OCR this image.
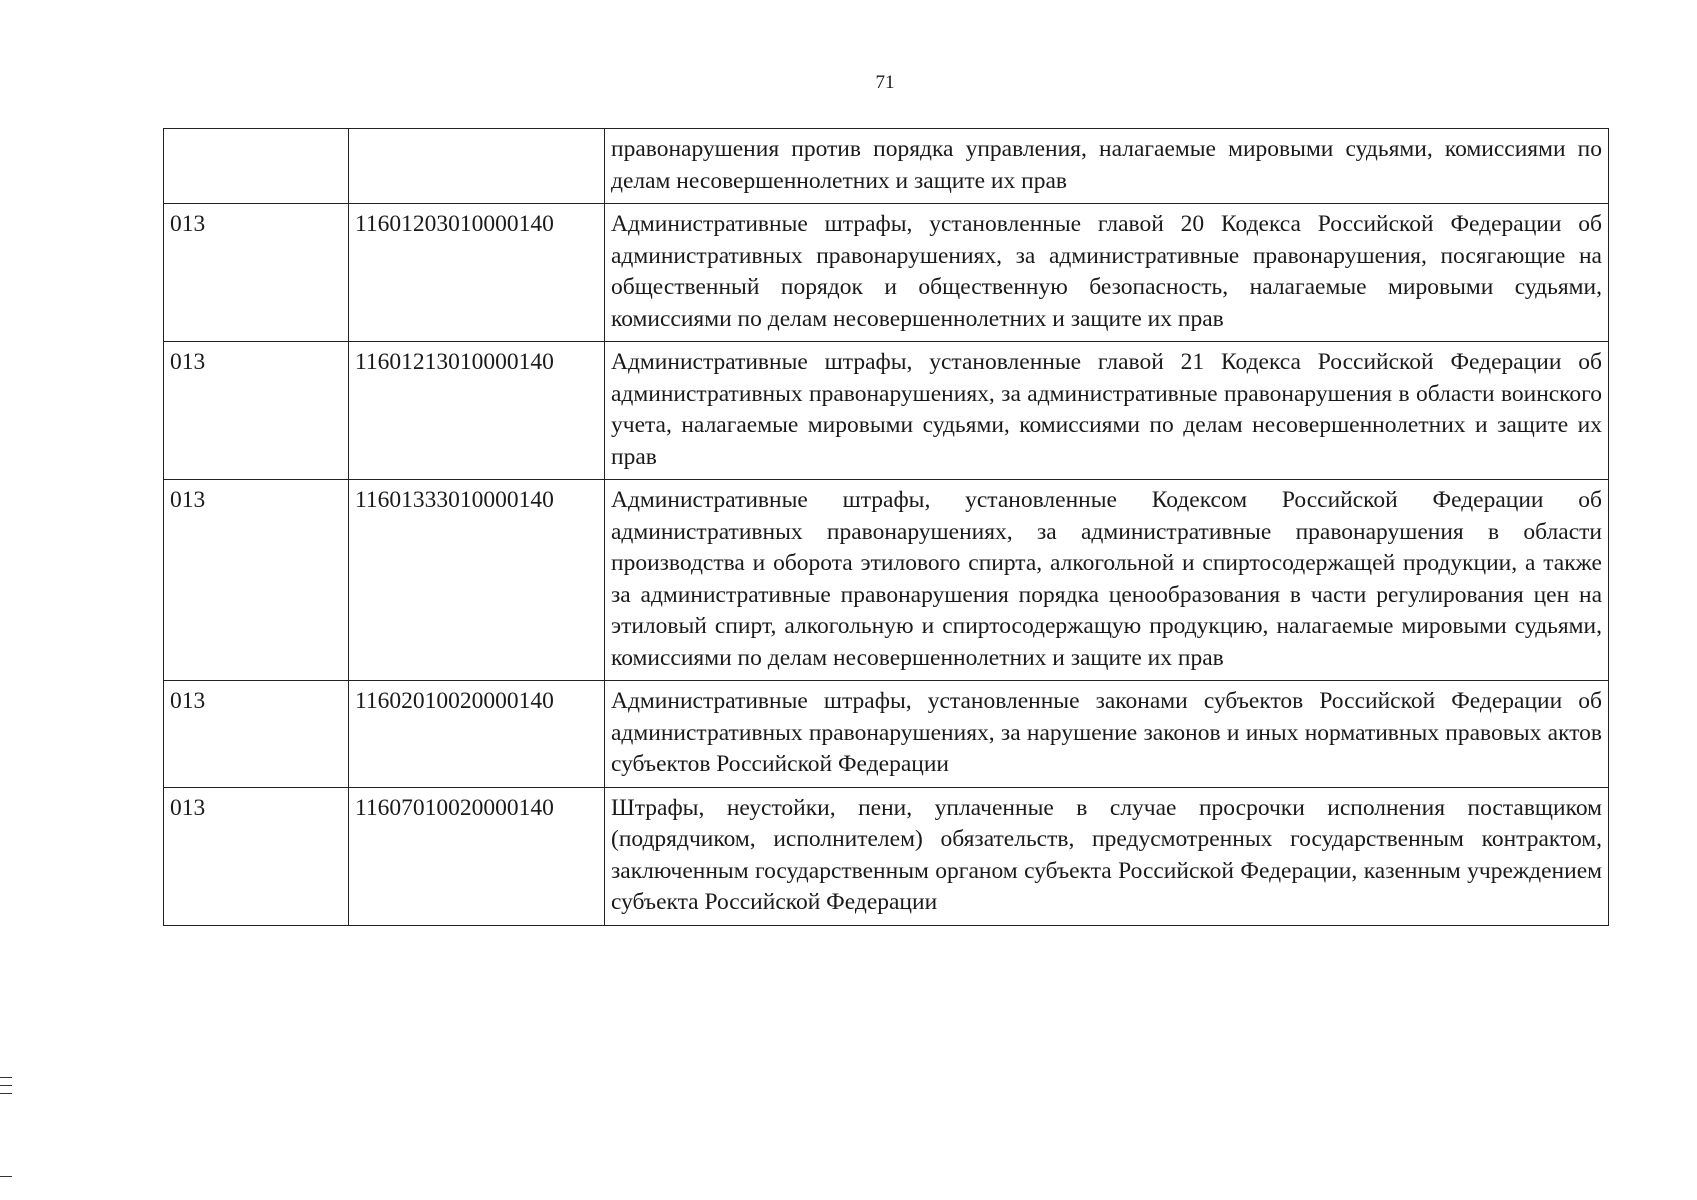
71
		правонарушения против порядка управления, налагаемые мировыми судьями, комиссиями по делам несовершеннолетних и защите их прав
013	11601203010000140	Административные штрафы, установленные главой 20 Кодекса Российской Федерации об административных правонарушениях, за административные правонарушения, посягающие на общественный порядок и общественную безопасность, налагаемые мировыми судьями, комиссиями по делам несовершеннолетних и защите их прав
013	11601213010000140	Административные штрафы, установленные главой 21 Кодекса Российской Федерации об административных правонарушениях, за административные правонарушения в области воинского учета, налагаемые мировыми судьями, комиссиями по делам несовершеннолетних и защите их прав
013	11601333010000140	Административные штрафы, установленные Кодексом Российской Федерации об административных правонарушениях, за административные правонарушения в области производства и оборота этилового спирта, алкогольной и спиртосодержащей продукции, а также за административные правонарушения порядка ценообразования в части регулирования цен на этиловый спирт, алкогольную и спиртосодержащую продукцию, налагаемые мировыми судьями, комиссиями по делам несовершеннолетних и защите их прав
013	11602010020000140	Административные штрафы, установленные законами субъектов Российской Федерации об административных правонарушениях, за нарушение законов и иных нормативных правовых актов субъектов Российской Федерации
013	11607010020000140	Штрафы, неустойки, пени, уплаченные в случае просрочки исполнения поставщиком (подрядчиком, исполнителем) обязательств, предусмотренных государственным контрактом, заключенным государственным органом субъекта Российской Федерации, казенным учреждением субъекта Российской Федерации
